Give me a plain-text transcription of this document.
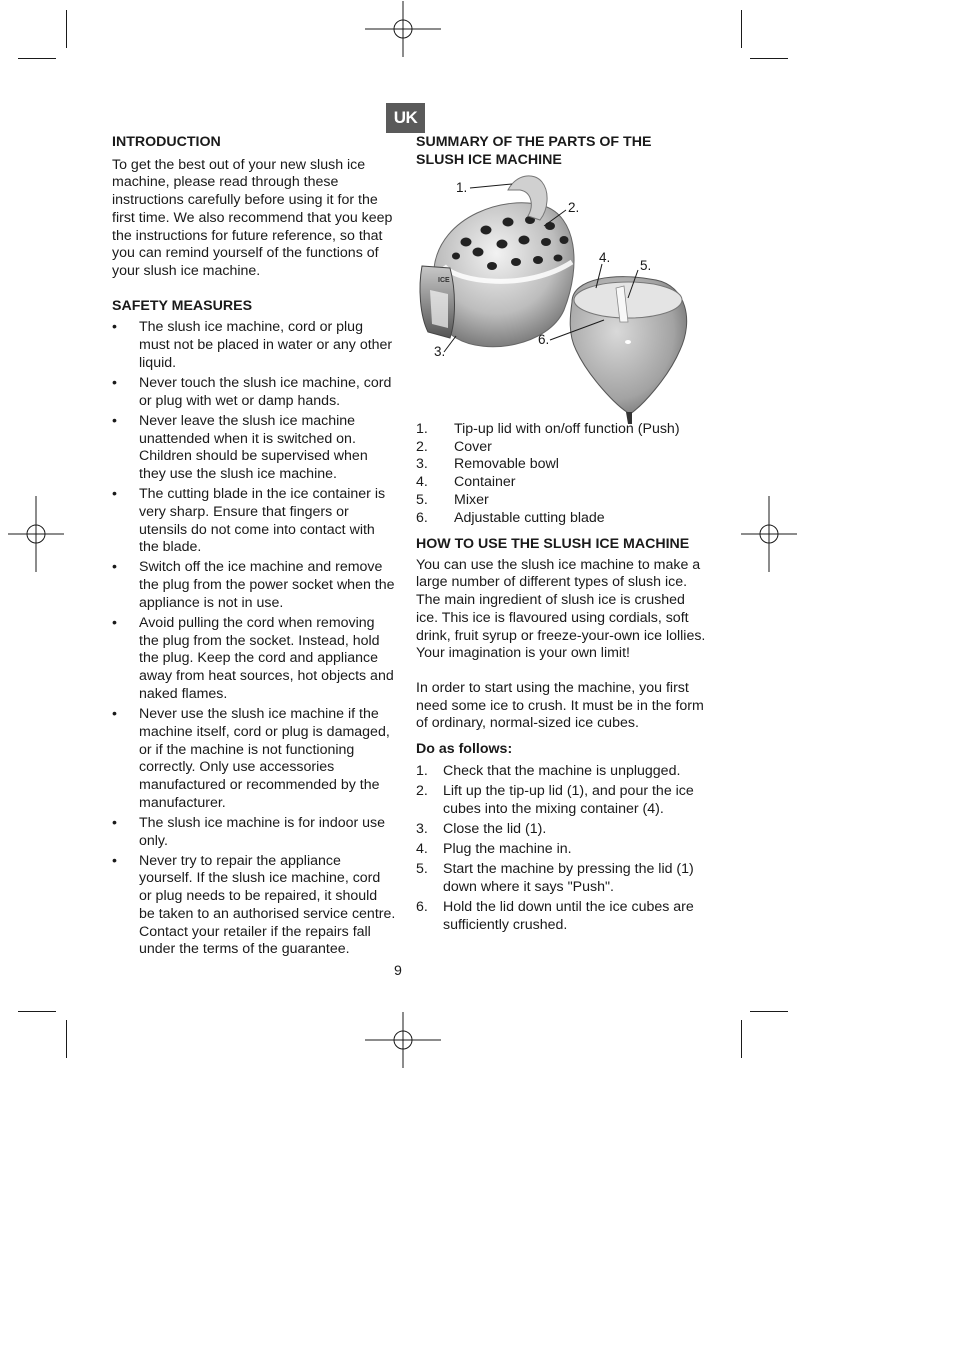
UK
INTRODUCTION

To get the best out of your new slush ice machine, please read through these instructions carefully before using it for the first time. We also recommend that you keep the instructions for future reference, so that you can remind yourself of the functions of your slush ice machine.

SAFETY MEASURES
• The slush ice machine, cord or plug must not be placed in water or any other liquid.
• Never touch the slush ice machine, cord or plug with wet or damp hands.
• Never leave the slush ice machine unattended when it is switched on. Children should be supervised when they use the slush ice machine.
• The cutting blade in the ice container is very sharp. Ensure that fingers or utensils do not come into contact with the blade.
• Switch off the ice machine and remove the plug from the power socket when the appliance is not in use.
• Avoid pulling the cord when removing the plug from the socket. Instead, hold the plug. Keep the cord and appliance away from heat sources, hot objects and naked flames.
• Never use the slush ice machine if the machine itself, cord or plug is damaged, or if the machine is not functioning correctly. Only use accessories manufactured or recommended by the manufacturer.
• The slush ice machine is for indoor use only.
• Never try to repair the appliance yourself. If the slush ice machine, cord or plug needs to be repaired, it should be taken to an authorised service centre. Contact your retailer if the repairs fall under the terms of the guarantee.
SUMMARY OF THE PARTS OF THE SLUSH ICE MACHINE
ICE
1.
2.
3.
4.
5.
6.
1.	Tip-up lid with on/off function (Push)
2.	Cover
3.	Removable bowl
4.	Container
5.	Mixer
6.	Adjustable cutting blade
HOW TO USE THE SLUSH ICE MACHINE

You can use the slush ice machine to make a large number of different types of slush ice. The main ingredient of slush ice is crushed ice. This ice is flavoured using cordials, soft drink, fruit syrup or freeze-your-own ice lollies. Your imagination is your own limit!

In order to start using the machine, you first need some ice to crush. It must be in the form of ordinary, normal-sized ice cubes.

Do as follows:
1.	Check that the machine is unplugged.
2.	Lift up the tip-up lid (1), and pour the ice cubes into the mixing container (4).
3.	Close the lid (1).
4.	Plug the machine in.
5.	Start the machine by pressing the lid (1) down where it says "Push".
6.	Hold the lid down until the ice cubes are sufficiently crushed.
9
